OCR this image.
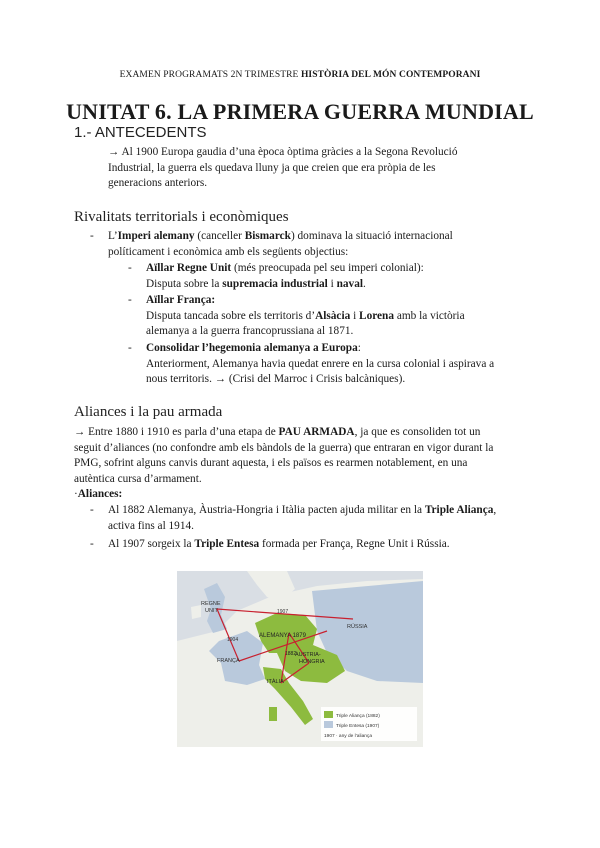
EXAMEN PROGRAMATS 2N TRIMESTRE HISTÒRIA DEL MÓN CONTEMPORANI
UNITAT 6. LA PRIMERA GUERRA MUNDIAL
1.- ANTECEDENTS
→ Al 1900 Europa gaudia d’una època òptima gràcies a la Segona Revolució
Industrial, la guerra els quedava lluny ja que creien que era pròpia de les
generacions anteriors.
Rivalitats territorials i econòmiques
- L’Imperi alemany (canceller Bismarck) dominava la situació internacional
políticament i econòmica amb els següents objectius:
- Aïllar Regne Unit (més preocupada pel seu imperi colonial):
Disputa sobre la supremacia industrial i naval.
- Aïllar França:
Disputa tancada sobre els territoris d’Alsàcia i Lorena amb la victòria
alemanya a la guerra francoprussiana al 1871.
- Consolidar l’hegemonia alemanya a Europa:
Anteriorment, Alemanya havia quedat enrere en la cursa colonial i aspirava a
nous territoris. → (Crisi del Marroc i Crisis balcàniques).
Aliances i la pau armada
→ Entre 1880 i 1910 es parla d’una etapa de PAU ARMADA, ja que es consoliden tot un
seguit d’aliances (no confondre amb els bàndols de la guerra) que entraran en vigor durant la
PMG, sofrint alguns canvis durant aquesta, i els països es rearmen notablement, en una
autèntica cursa d’armament.
·Aliances:
- Al 1882 Alemanya, Àustria-Hongria i Itàlia pacten ajuda militar en la Triple Aliança,
activa fins al 1914.
- Al 1907 sorgeix la Triple Entesa formada per França, Regne Unit i Rússia.
REGNE
UNIT	1907
RÚSSIA
ALEMANYA 1879
FRANÇA
1904
1882
HONGRIA
ÀUSTRIA-
ITÀLIA
Triple Aliança (1882)
Triple Entesa (1907)
1907 · any de l’aliança
